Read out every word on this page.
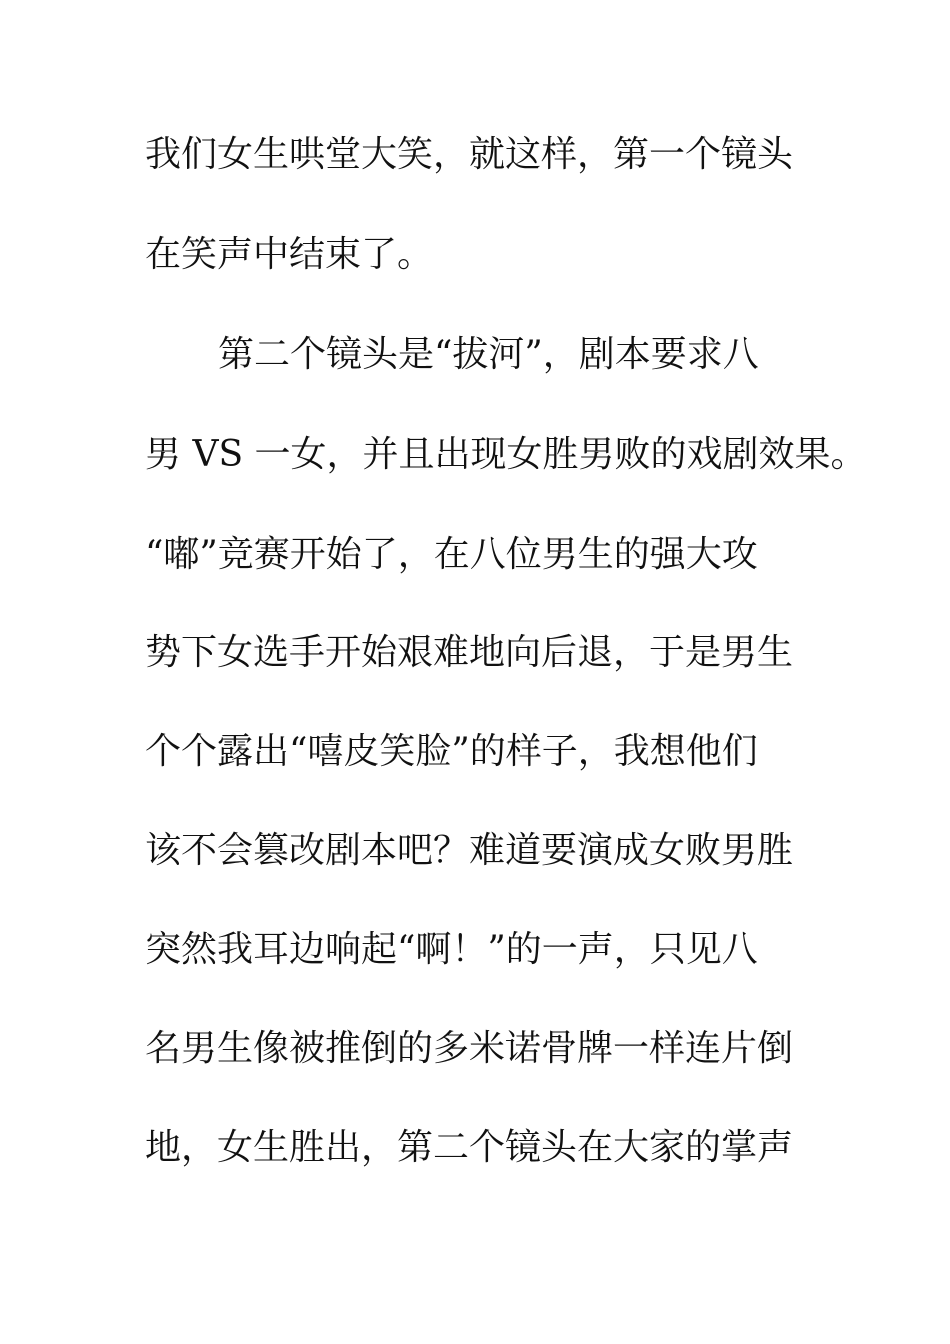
我们女生哄堂大笑，就这样，第一个镜头
在笑声中结束了。
第二个镜头是“拔河”，剧本要求八
男 VS 一女，并且出现女胜男败的戏剧效果。
“嘟”竞赛开始了，在八位男生的强大攻
势下女选手开始艰难地向后退，于是男生
个个露出“嘻皮笑脸”的样子，我想他们
该不会篡改剧本吧？难道要演成女败男胜
突然我耳边响起“啊！”的一声，只见八
名男生像被推倒的多米诺骨牌一样连片倒
地，女生胜出，第二个镜头在大家的掌声
